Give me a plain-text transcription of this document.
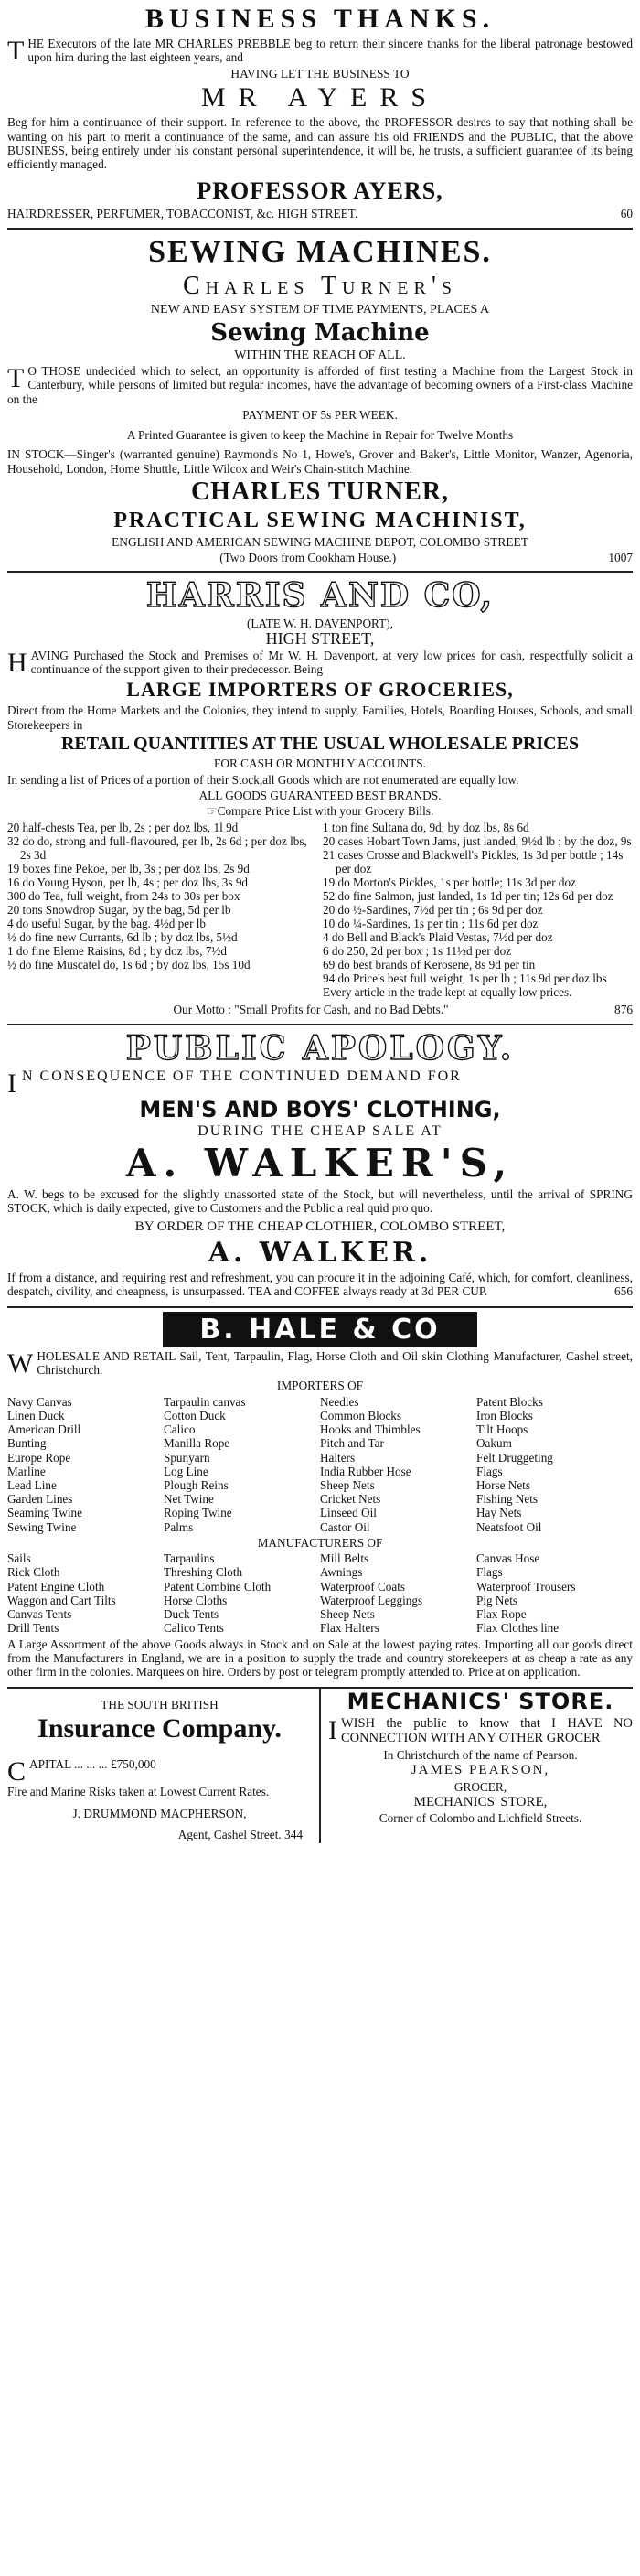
BUSINESS THANKS.

THE Executors of the late MR CHARLES PREBBLE beg to return their sincere thanks for the liberal patronage bestowed upon him during the last eighteen years, and

HAVING LET THE BUSINESS TO

MR AYERS

Beg for him a continuance of their support. In reference to the above, the PROFESSOR desires to say that nothing shall be wanting on his part to merit a continuance of the same, and can assure his old FRIENDS and the PUBLIC, that the above BUSINESS, being entirely under his constant personal superintendence, it will be, he trusts, a sufficient guarantee of its being efficiently managed.

PROFESSOR AYERS,

HAIRDRESSER, PERFUMER, TOBACCONIST, &c. HIGH STREET.	60

SEWING MACHINES.
Charles Turner's

NEW AND EASY SYSTEM OF TIME PAYMENTS, PLACES A

Sewing Machine

WITHIN THE REACH OF ALL.

T O THOSE undecided which to select, an opportunity is afforded of first testing a Machine from the Largest Stock in Canterbury, while persons of limited but regular incomes, have the advantage of becoming owners of a First-class Machine on the

PAYMENT OF 5s PER WEEK.

A Printed Guarantee is given to keep the Machine in Repair for Twelve Months

IN STOCK—Singer's (warranted genuine) Raymond's No 1, Howe's, Grover and Baker's, Little Monitor, Wanzer, Agenoria, Household, London, Home Shuttle, Little Wilcox and Weir's Chain-stitch Machine.

CHARLES TURNER,
PRACTICAL SEWING MACHINIST,

ENGLISH AND AMERICAN SEWING MACHINE DEPOT, COLOMBO STREET

(Two Doors from Cookham House.)	1007

HARRIS AND CO,

(LATE W. H. DAVENPORT),

HIGH STREET,

HAVING Purchased the Stock and Premises of Mr W. H. Davenport, at very low prices for cash, respectfully solicit a continuance of the support given to their predecessor. Being

LARGE IMPORTERS OF GROCERIES,

Direct from the Home Markets and the Colonies, they intend to supply, Families, Hotels, Boarding Houses, Schools, and small Storekeepers in

RETAIL QUANTITIES AT THE USUAL WHOLESALE PRICES

FOR CASH OR MONTHLY ACCOUNTS.

In sending a list of Prices of a portion of their Stock,all Goods which are not enumerated are equally low.

ALL GOODS GUARANTEED BEST BRANDS.

☞Compare Price List with your Grocery Bills.

20 half-chests Tea, per lb, 2s ; per doz lbs, 1l 9d

32 do do, strong and full-flavoured, per lb, 2s 6d ; per doz lbs, 2s 3d

19 boxes fine Pekoe, per lb, 3s ; per doz lbs, 2s 9d

16 do Young Hyson, per lb, 4s ; per doz lbs, 3s 9d

300 do Tea, full weight, from 24s to 30s per box

20 tons Snowdrop Sugar, by the bag, 5d per lb

4 do useful Sugar, by the bag. 4½d per lb

½ do fine new Currants, 6d lb ; by doz lbs, 5½d

1 do fine Eleme Raisins, 8d ; by doz lbs, 7½d

½ do fine Muscatel do, 1s 6d ; by doz lbs, 15s 10d

1 ton fine Sultana do, 9d; by doz lbs, 8s 6d

20 cases Hobart Town Jams, just landed, 9½d lb ; by the doz, 9s

21 cases Crosse and Blackwell's Pickles, 1s 3d per bottle ; 14s per doz

19 do Morton's Pickles, 1s per bottle; 11s 3d per doz

52 do fine Salmon, just landed, 1s 1d per tin; 12s 6d per doz

20 do ½-Sardines, 7½d per tin ; 6s 9d per doz

10 do ¼-Sardines, 1s per tin ; 11s 6d per doz

4 do Bell and Black's Plaid Vestas, 7½d per doz

6 do 250, 2d per box ; 1s 11½d per doz

69 do best brands of Kerosene, 8s 9d per tin

94 do Price's best full weight, 1s per lb ; 11s 9d per doz lbs

Every article in the trade kept at equally low prices.

Our Motto : "Small Profits for Cash, and no Bad Debts."	876

PUBLIC APOLOGY.

I N CONSEQUENCE OF THE CONTINUED DEMAND FOR

MEN'S AND BOYS' CLOTHING,

DURING THE CHEAP SALE AT

A. WALKER'S,

A. W. begs to be excused for the slightly unassorted state of the Stock, but will nevertheless, until the arrival of SPRING STOCK, which is daily expected, give to Customers and the Public a real quid pro quo.

BY ORDER OF THE CHEAP CLOTHIER, COLOMBO STREET,

A. WALKER.

If from a distance, and requiring rest and refreshment, you can procure it in the adjoining Café, which, for comfort, cleanliness, despatch, civility, and cheapness, is unsurpassed. TEA and COFFEE always ready at 3d PER CUP.	656

B. HALE & CO

WHOLESALE AND RETAIL Sail, Tent, Tarpaulin, Flag, Horse Cloth and Oil skin Clothing Manufacturer, Cashel street, Christchurch.

IMPORTERS OF

Navy Canvas	Tarpaulin canvas	Needles	Patent Blocks

Linen Duck	Cotton Duck	Common Blocks	Iron Blocks

American Drill	Calico	Hooks and Thimbles	Tilt Hoops

Bunting	Manilla Rope	Pitch and Tar	Oakum

Europe Rope	Spunyarn	Halters	Felt Druggeting

Marline	Log Line	India Rubber Hose	Flags

Lead Line	Plough Reins	Sheep Nets	Horse Nets

Garden Lines	Net Twine	Cricket Nets	Fishing Nets

Seaming Twine	Roping Twine	Linseed Oil	Hay Nets

Sewing Twine	Palms	Castor Oil	Neatsfoot Oil

MANUFACTURERS OF

Sails	Tarpaulins	Mill Belts	Canvas Hose

Rick Cloth	Threshing Cloth	Awnings	Flags

Patent Engine Cloth	Patent Combine Cloth	Waterproof Coats	Waterproof Trousers

Waggon and Cart Tilts	Horse Cloths	Waterproof Leggings	Pig Nets

Canvas Tents	Duck Tents	Sheep Nets	Flax Rope

Drill Tents	Calico Tents	Flax Halters	Flax Clothes line

A Large Assortment of the above Goods always in Stock and on Sale at the lowest paying rates. Importing all our goods direct from the Manufacturers in England, we are in a position to supply the trade and country storekeepers at as cheap a rate as any other firm in the colonies. Marquees on hire. Orders by post or telegram promptly attended to. Price at on application.

THE SOUTH BRITISH

Insurance Company.

CAPITAL ... ... ... £750,000

Fire and Marine Risks taken at Lowest Current Rates.

J. DRUMMOND MACPHERSON,

Agent, Cashel Street. 344

MECHANICS' STORE.

IWISH the public to know that I HAVE NO CONNECTION WITH ANY OTHER GROCER

In Christchurch of the name of Pearson.

JAMES PEARSON,

GROCER,

MECHANICS' STORE,

Corner of Colombo and Lichfield Streets.
